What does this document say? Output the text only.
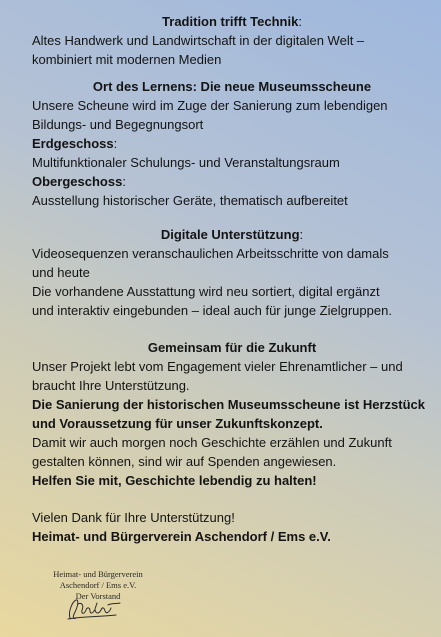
Tradition trifft Technik:

Altes Handwerk und Landwirtschaft in der digitalen Welt –

kombiniert mit modernen Medien

Ort des Lernens: Die neue Museumsscheune

Unsere Scheune wird im Zuge der Sanierung zum lebendigen

Bildungs- und Begegnungsort

Erdgeschoss:

Multifunktionaler Schulungs- und Veranstaltungsraum

Obergeschoss:

Ausstellung historischer Geräte, thematisch aufbereitet

Digitale Unterstützung:

Videosequenzen veranschaulichen Arbeitsschritte von damals

und heute

Die vorhandene Ausstattung wird neu sortiert, digital ergänzt

und interaktiv eingebunden – ideal auch für junge Zielgruppen.

Gemeinsam für die Zukunft

Unser Projekt lebt vom Engagement vieler Ehrenamtlicher – und

braucht Ihre Unterstützung.

Die Sanierung der historischen Museumsscheune ist Herzstück

und Voraussetzung für unser Zukunftskonzept.

Damit wir auch morgen noch Geschichte erzählen und Zukunft

gestalten können, sind wir auf Spenden angewiesen.

Helfen Sie mit, Geschichte lebendig zu halten!

Vielen Dank für Ihre Unterstützung!

Heimat- und Bürgerverein Aschendorf / Ems e.V.

Heimat- und Bürgerverein
Aschendorf / Ems e.V.
Der Vorstand
